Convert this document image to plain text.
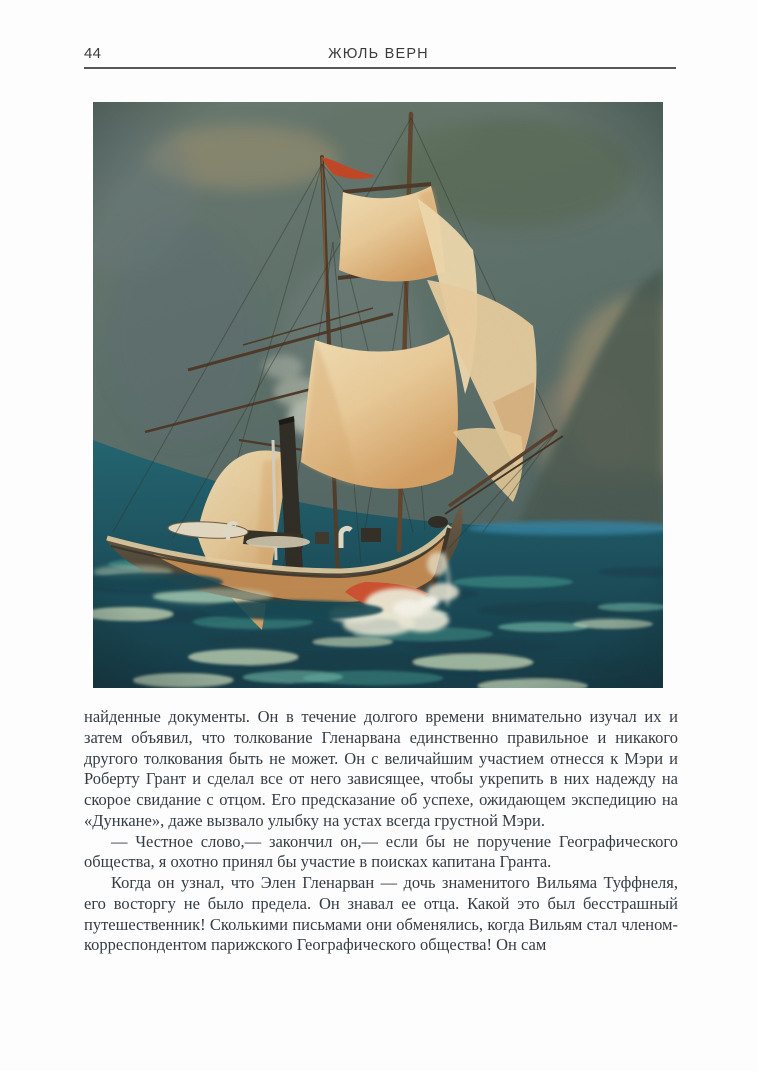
44	ЖЮЛЬ ВЕРН

найденные документы. Он в течение долгого времени внимательно изучал их и затем объявил, что толкование Гленарвана единственно правильное и никакого другого толкования быть не может. Он с величайшим участием отнесся к Мэри и Роберту Грант и сделал все от него зависящее, чтобы укрепить в них надежду на скорое свидание с отцом. Его предсказание об успехе, ожидающем экспедицию на «Дункане», даже вызвало улыбку на устах всегда грустной Мэри.

— Честное слово,— закончил он,— если бы не поручение Географического общества, я охотно принял бы участие в поисках капитана Гранта.

Когда он узнал, что Элен Гленарван — дочь знаменитого Вильяма Туффнеля, его восторгу не было предела. Он знавал ее отца. Какой это был бесстрашный путешественник! Сколькими письмами они обменялись, когда Вильям стал членом-корреспондентом парижского Географического общества! Он сам
